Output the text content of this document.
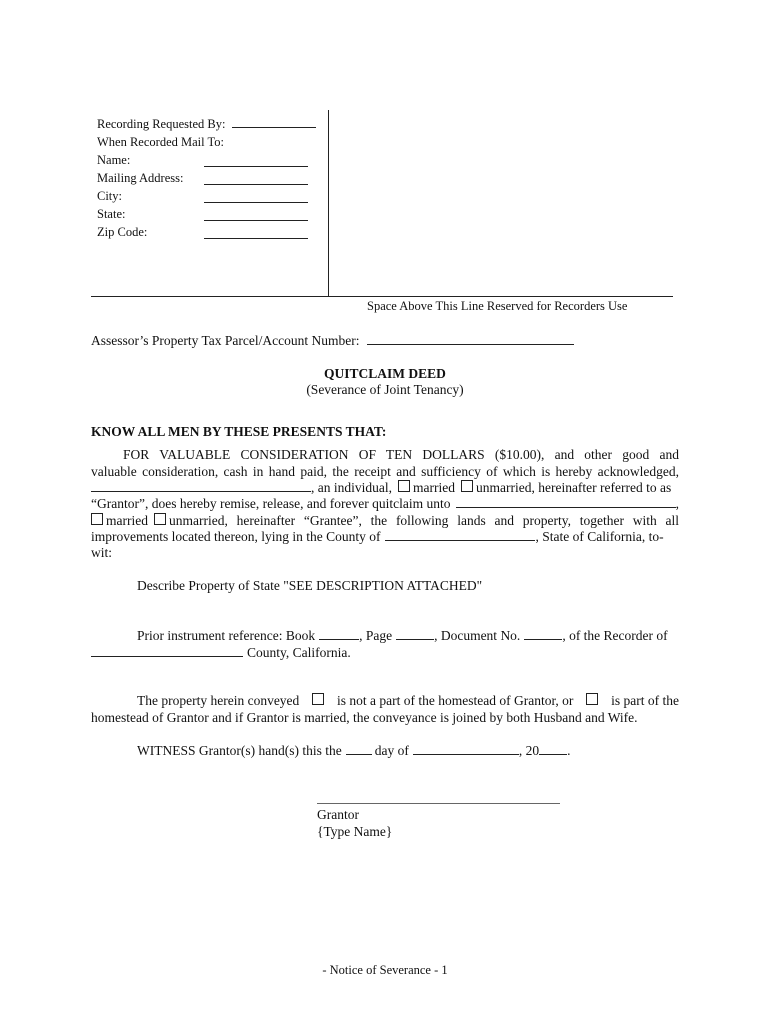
Recording Requested By:
When Recorded Mail To:
Name:
Mailing Address:
City:
State:
Zip Code:
Space Above This Line Reserved for Recorders Use
Assessor’s Property Tax Parcel/Account Number:
QUITCLAIM DEED
(Severance of Joint Tenancy)
KNOW ALL MEN BY THESE PRESENTS THAT:
FOR VALUABLE CONSIDERATION OF TEN DOLLARS ($10.00), and other good and
valuable consideration, cash in hand paid, the receipt and sufficiency of which is hereby acknowledged,
, an individual, married unmarried, hereinafter referred to as
“Grantor”, does hereby remise, release, and forever quitclaim unto	,
married unmarried, hereinafter “Grantee”, the following lands and property, together with all
improvements located thereon, lying in the County of	, State of California, to-
wit:
Describe Property of State "SEE DESCRIPTION ATTACHED"
Prior instrument reference: Book	, Page	, Document No.	, of the Recorder of
County, California.
The property herein conveyed	is not a part of the homestead of Grantor, or	is part of the
homestead of Grantor and if Grantor is married, the conveyance is joined by both Husband and Wife.
WITNESS Grantor(s) hand(s) this the day of	, 20 .
Grantor
{Type Name}
- Notice of Severance - 1
